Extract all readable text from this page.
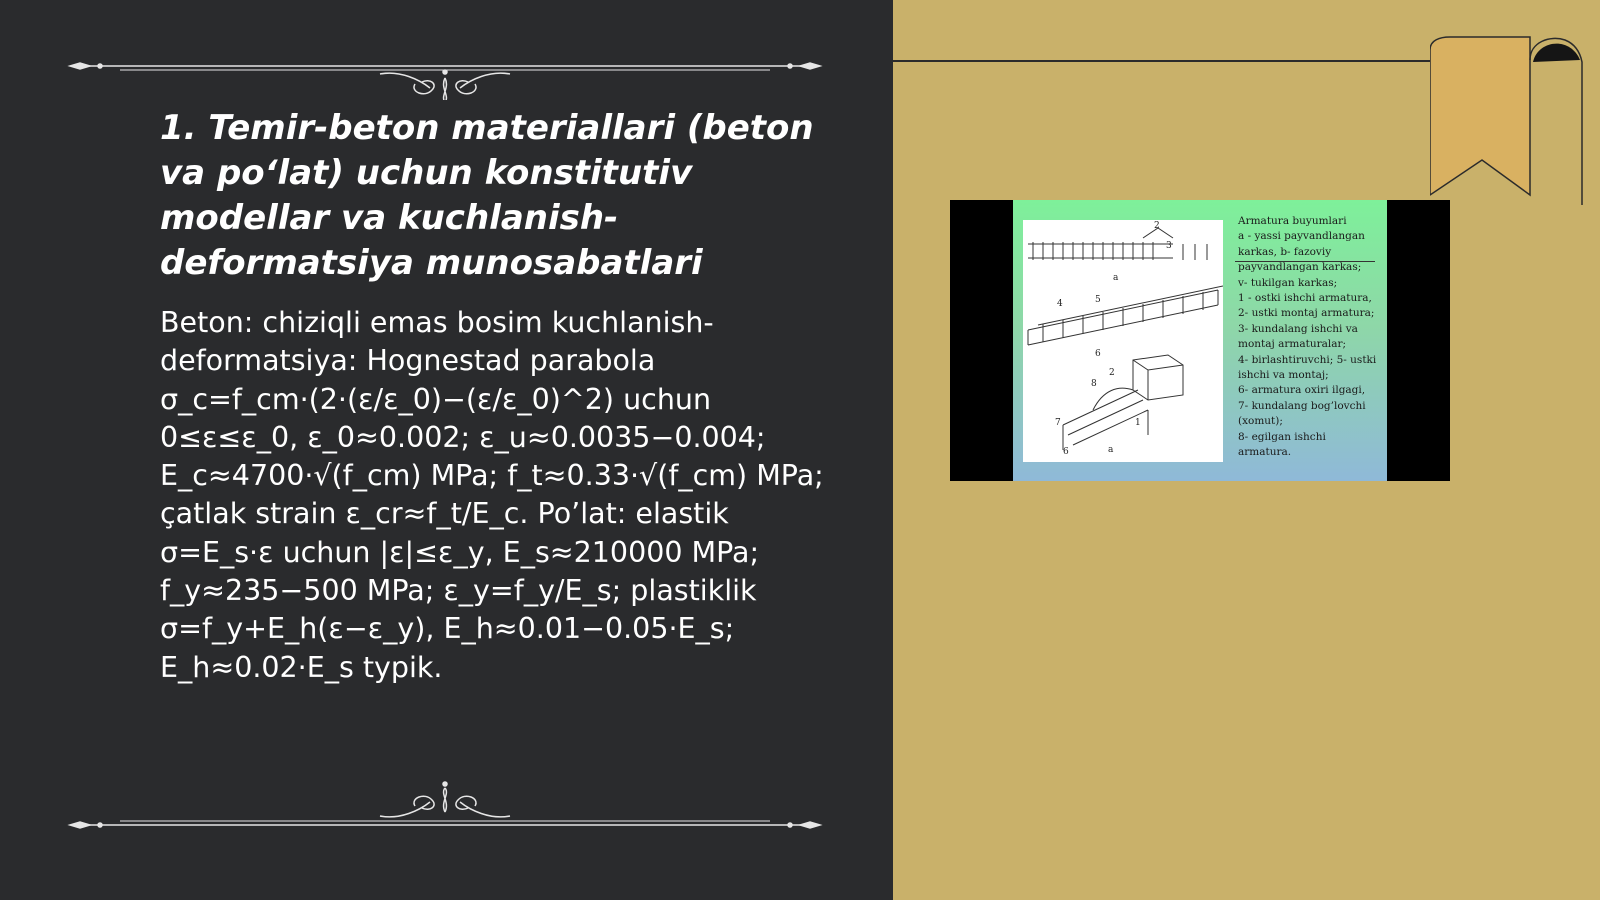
1. Temir-beton materiallari (beton va po‘lat) uchun konstitutiv modellar va kuchlanish-deformatsiya munosabatlari

Beton: chiziqli emas bosim kuchlanish-deformatsiya: Hognestad parabola σ_c=f_cm·(2·(ε/ε_0)−(ε/ε_0)^2) uchun 0≤ε≤ε_0, ε_0≈0.002; ε_u≈0.0035−0.004; E_c≈4700·√(f_cm) MPa; f_t≈0.33·√(f_cm) MPa; çatlak strain ε_cr≈f_t/E_c. Po’lat: elastik σ=E_s·ε uchun |ε|≤ε_y, E_s≈210000 MPa; f_y≈235−500 MPa; ε_y=f_y/E_s; plastiklik σ=f_y+E_h(ε−ε_y), E_h≈0.01−0.05·E_s; E_h≈0.02·E_s typik.

2
3
a
4	5
6
2
8
7	1
6	a
Armatura buyumlari
a - yassi payvandlangan
karkas, b- fazoviy
payvandlangan karkas;
v- tukilgan karkas;
1 - ostki ishchi armatura,
2- ustki montaj armatura;
3- kundalang ishchi va
montaj armaturalar;
4- birlashtiruvchi; 5- ustki
ishchi va montaj;
6- armatura oxiri ilgagi,
7- kundalang bog’lovchi
(xomut);
8- egilgan ishchi
armatura.
